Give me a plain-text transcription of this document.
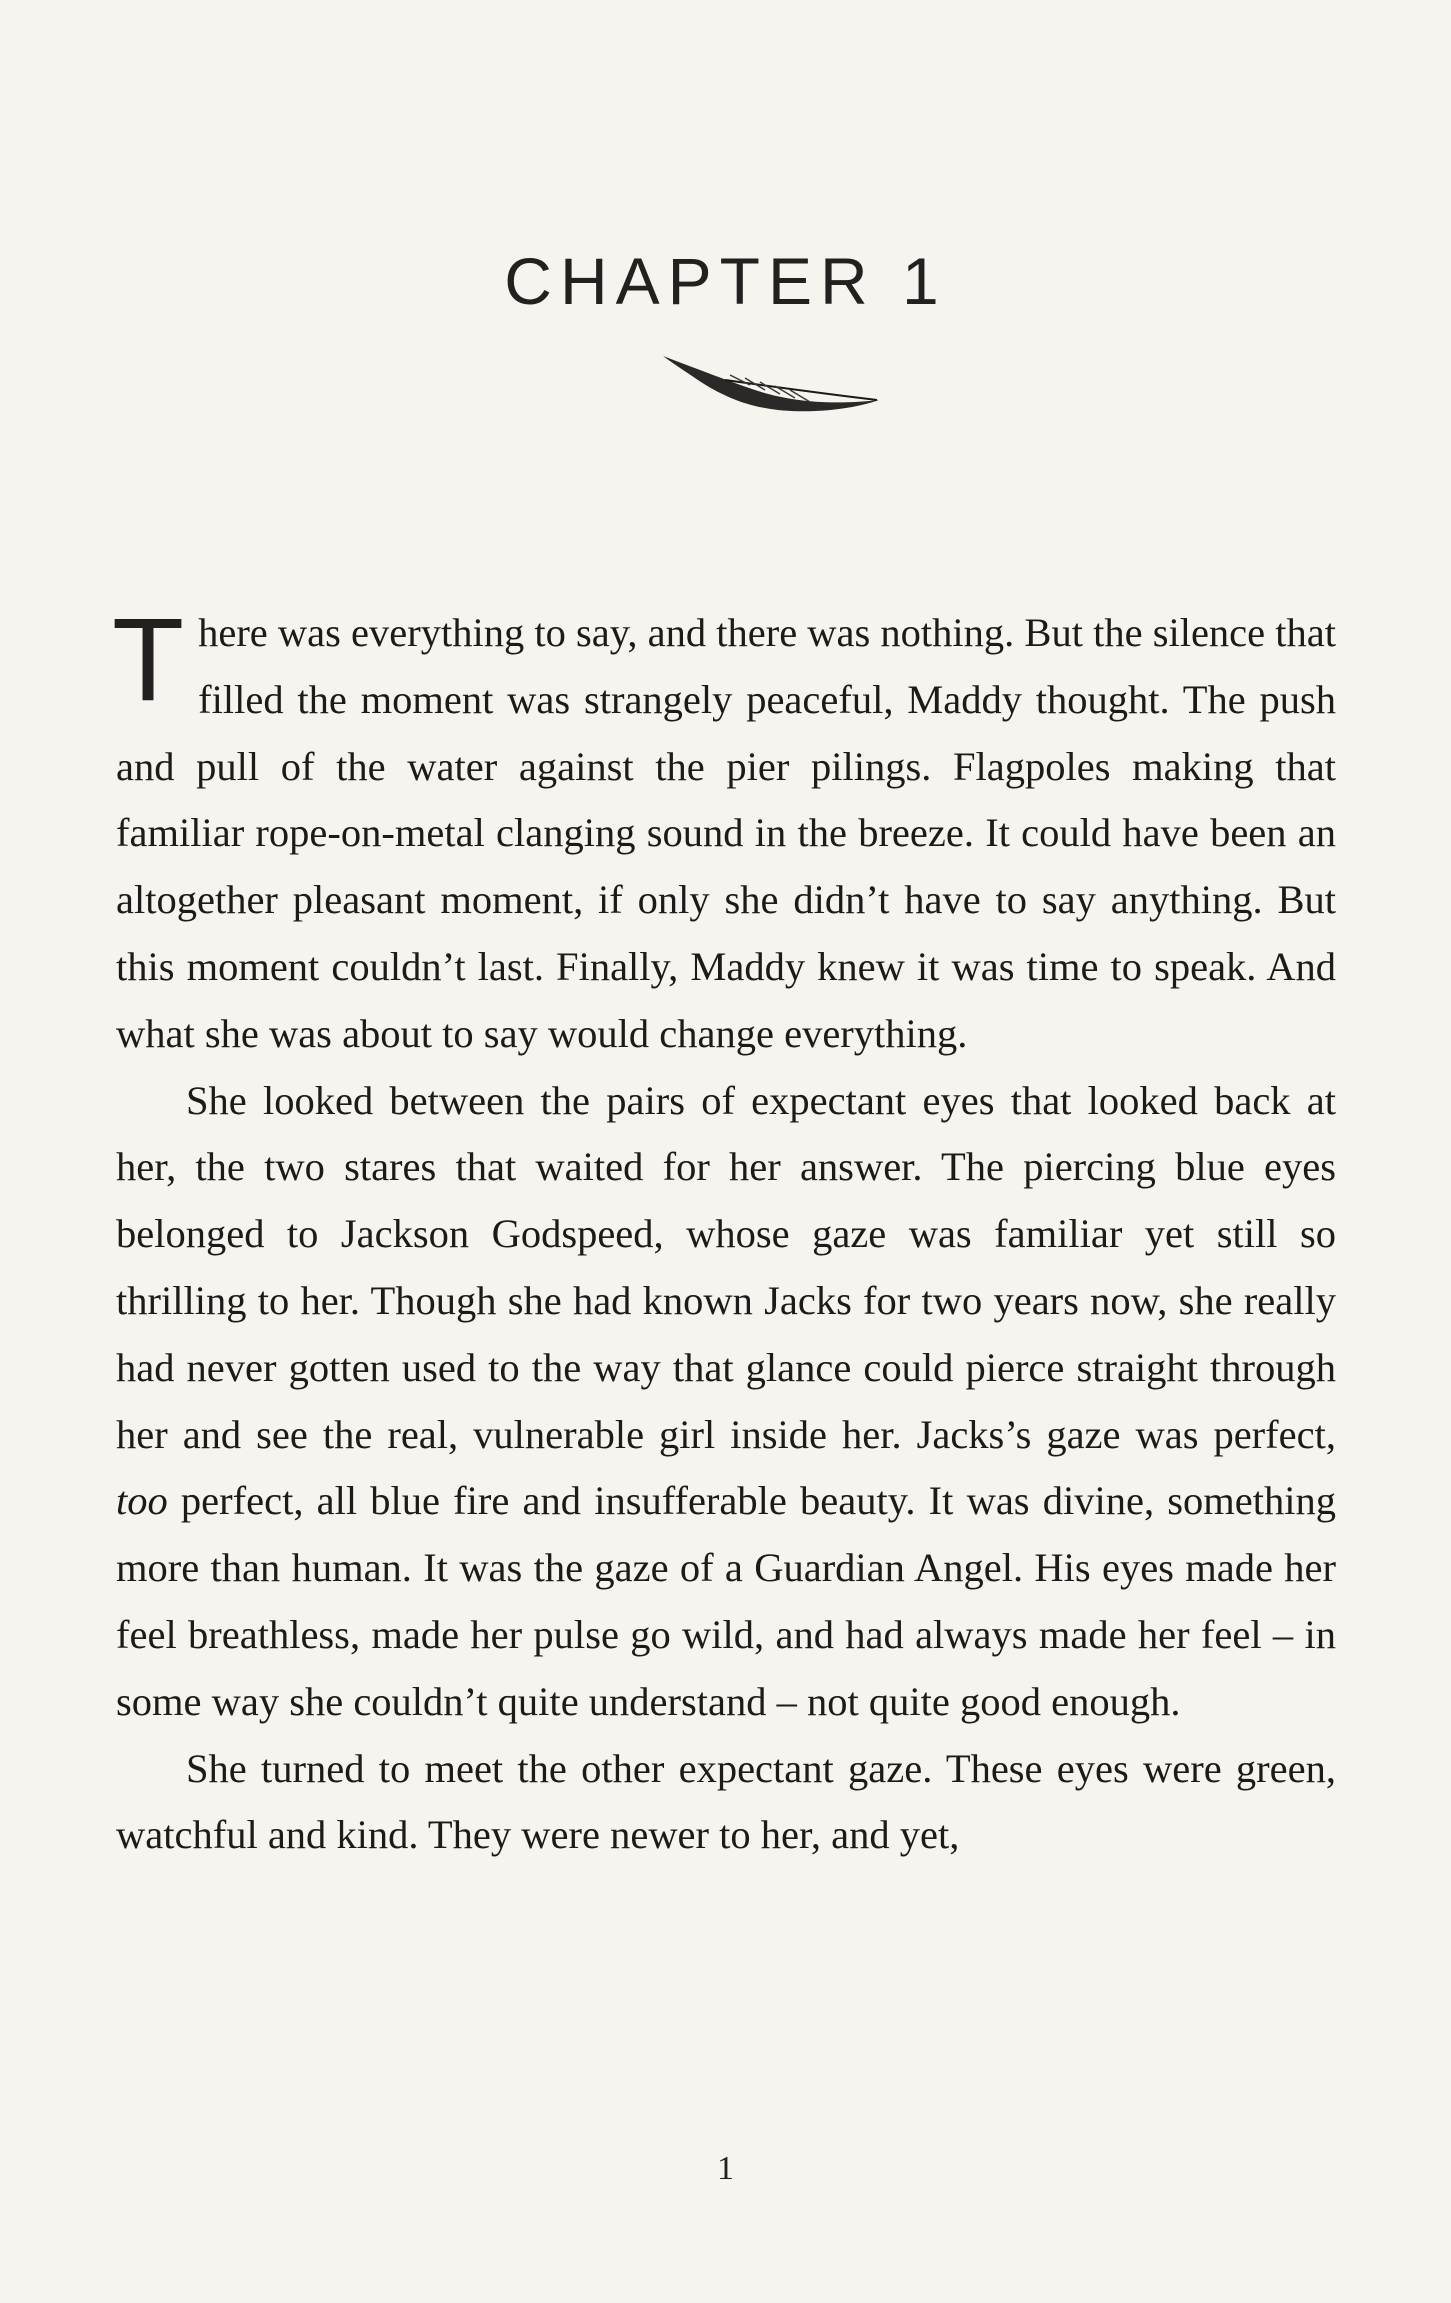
CHAPTER 1

There was everything to say, and there was nothing. But the silence that filled the moment was strangely peaceful, Maddy thought. The push and pull of the water against the pier pilings. Flagpoles making that familiar rope-on-metal clanging sound in the breeze. It could have been an altogether pleasant moment, if only she didn’t have to say anything. But this moment couldn’t last. Finally, Maddy knew it was time to speak. And what she was about to say would change everything.

She looked between the pairs of expectant eyes that looked back at her, the two stares that waited for her answer. The piercing blue eyes belonged to Jackson Godspeed, whose gaze was familiar yet still so thrilling to her. Though she had known Jacks for two years now, she really had never gotten used to the way that glance could pierce straight through her and see the real, vulnerable girl inside her. Jacks’s gaze was perfect, too perfect, all blue fire and insufferable beauty. It was divine, something more than human. It was the gaze of a Guardian Angel. His eyes made her feel breathless, made her pulse go wild, and had always made her feel – in some way she couldn’t quite understand – not quite good enough.

She turned to meet the other expectant gaze. These eyes were green, watchful and kind. They were newer to her, and yet,

1
